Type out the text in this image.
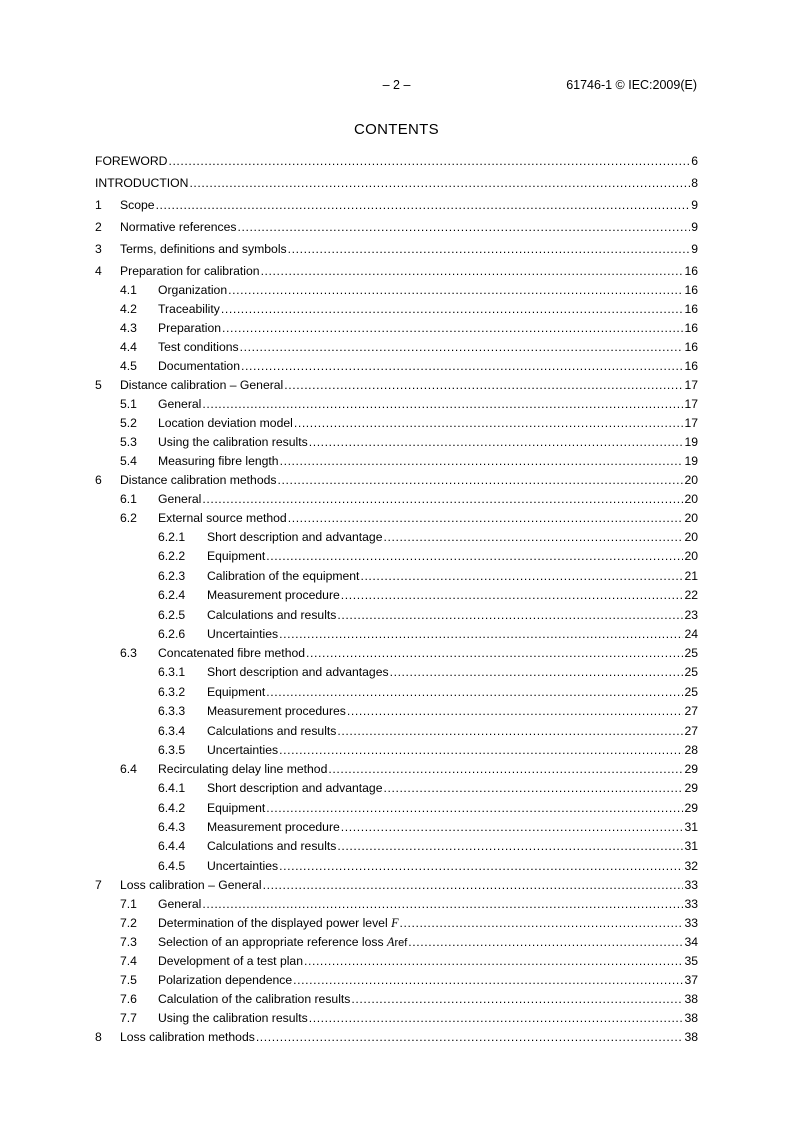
– 2 –	61746-1 © IEC:2009(E)
CONTENTS
FOREWORD .....	6
INTRODUCTION .....	8
1	Scope .....	9
2	Normative references .....	9
3	Terms, definitions and symbols .....	9
4	Preparation for calibration .....	16
4.1	Organization .....	16
4.2	Traceability .....	16
4.3	Preparation .....	16
4.4	Test conditions .....	16
4.5	Documentation .....	16
5	Distance calibration – General .....	17
5.1	General .....	17
5.2	Location deviation model .....	17
5.3	Using the calibration results .....	19
5.4	Measuring fibre length .....	19
6	Distance calibration methods .....	20
6.1	General .....	20
6.2	External source method .....	20
6.2.1	Short description and advantage .....	20
6.2.2	Equipment .....	20
6.2.3	Calibration of the equipment .....	21
6.2.4	Measurement procedure .....	22
6.2.5	Calculations and results .....	23
6.2.6	Uncertainties .....	24
6.3	Concatenated fibre method .....	25
6.3.1	Short description and advantages .....	25
6.3.2	Equipment .....	25
6.3.3	Measurement procedures .....	27
6.3.4	Calculations and results .....	27
6.3.5	Uncertainties .....	28
6.4	Recirculating delay line method .....	29
6.4.1	Short description and advantage .....	29
6.4.2	Equipment .....	29
6.4.3	Measurement procedure .....	31
6.4.4	Calculations and results .....	31
6.4.5	Uncertainties .....	32
7	Loss calibration – General .....	33
7.1	General .....	33
7.2	Determination of the displayed power level F .....	33
7.3	Selection of an appropriate reference loss Aref .....	34
7.4	Development of a test plan .....	35
7.5	Polarization dependence .....	37
7.6	Calculation of the calibration results .....	38
7.7	Using the calibration results .....	38
8	Loss calibration methods .....	38
